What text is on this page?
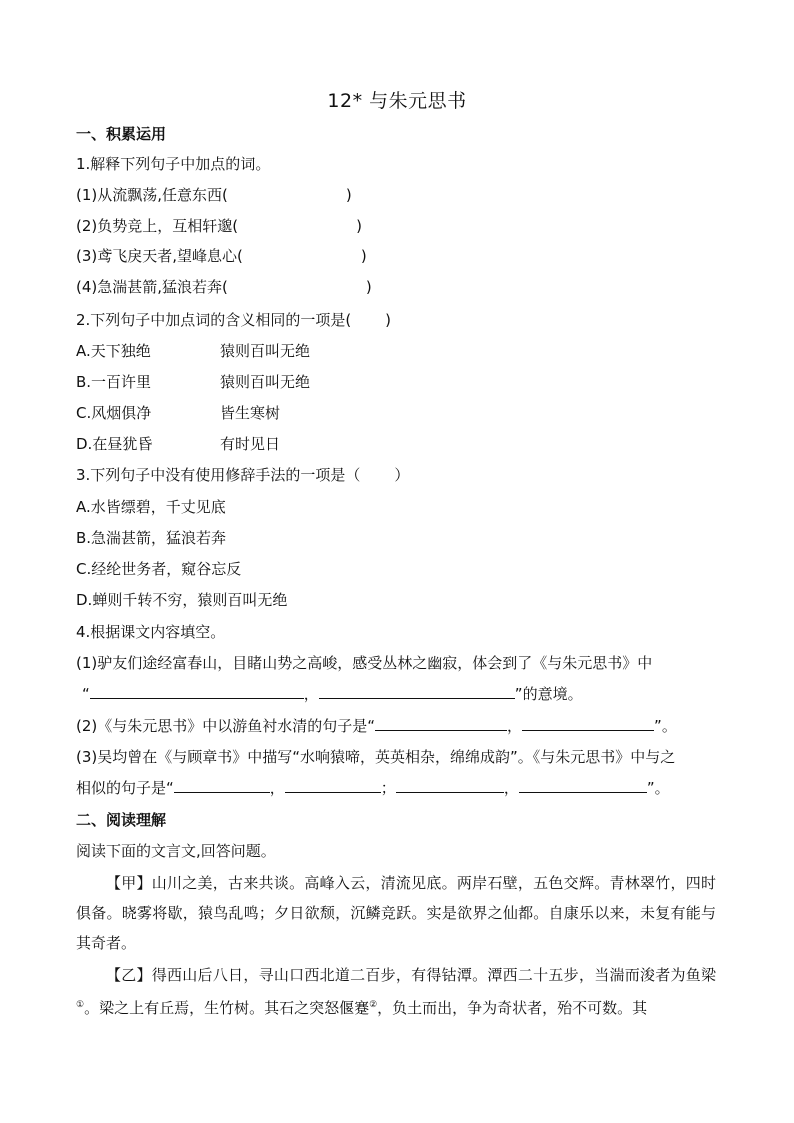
12* 与朱元思书
一、积累运用
1.解释下列句子中加点的词。
(1)从流飘荡,任意东西(	)
(2)负势竞上，互相轩邈(	)
(3)鸢飞戾天者,望峰息心(	)
(4)急湍甚箭,猛浪若奔(	)
2.下列句子中加点词的含义相同的一项是( )
A.天下独绝	猿则百叫无绝
B.一百许里	猿则百叫无绝
C.风烟俱净	皆生寒树
D.在昼犹昏	有时见日
3.下列句子中没有使用修辞手法的一项是（ ）
A.水皆缥碧，千丈见底
B.急湍甚箭，猛浪若奔
C.经纶世务者，窥谷忘反
D.蝉则千转不穷，猿则百叫无绝
4.根据课文内容填空。
(1)驴友们途经富春山，目睹山势之高峻，感受丛林之幽寂，体会到了《与朱元思书》中
“	，	”的意境。
(2)《与朱元思书》中以游鱼衬水清的句子是“	，	”。
(3)吴均曾在《与顾章书》中描写“水响猿啼，英英相杂，绵绵成韵”。《与朱元思书》中与之
相似的句子是“	，	；	，	”。
二、阅读理解
阅读下面的文言文,回答问题。
【甲】山川之美，古来共谈。高峰入云，清流见底。两岸石壁，五色交辉。青林翠竹，四时俱备。晓雾将歇，猿鸟乱鸣；夕日欲颓，沉鳞竞跃。实是欲界之仙都。自康乐以来，未复有能与其奇者。
【乙】得西山后八日，寻山口西北道二百步，有得钴潭。潭西二十五步，当湍而浚者为鱼梁①。梁之上有丘焉，生竹树。其石之突怒偃蹇②，负土而出，争为奇状者，殆不可数。其
